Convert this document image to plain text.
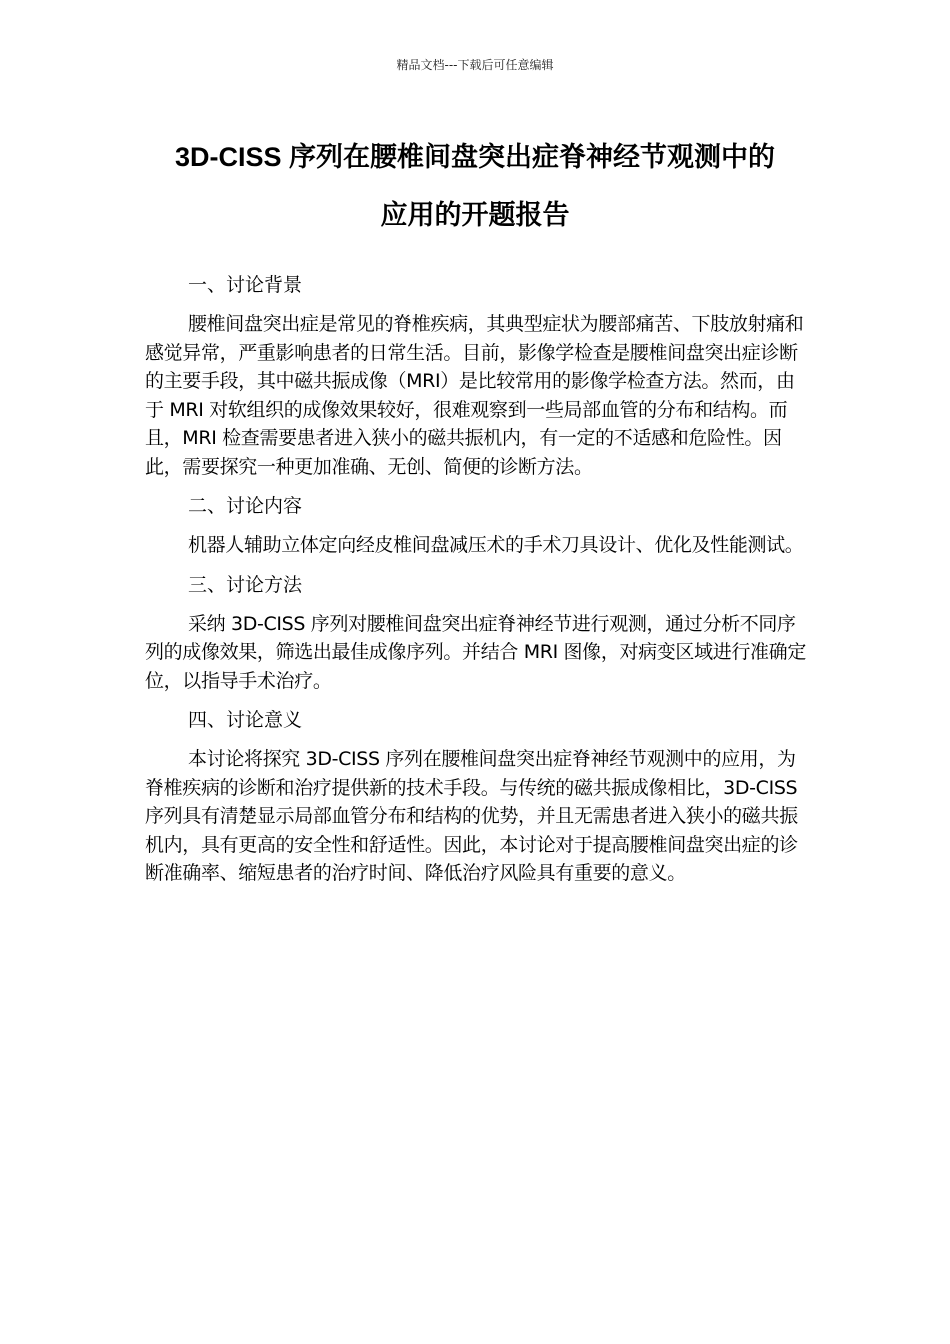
精品文档---下载后可任意编辑
3D-CISS 序列在腰椎间盘突出症脊神经节观测中的
应用的开题报告

一、讨论背景

腰椎间盘突出症是常见的脊椎疾病，其典型症状为腰部痛苦、下肢放射痛和感觉异常，严重影响患者的日常生活。目前，影像学检查是腰椎间盘突出症诊断的主要手段，其中磁共振成像（MRI）是比较常用的影像学检查方法。然而，由于 MRI 对软组织的成像效果较好，很难观察到一些局部血管的分布和结构。而且，MRI 检查需要患者进入狭小的磁共振机内，有一定的不适感和危险性。因此，需要探究一种更加准确、无创、简便的诊断方法。

二、讨论内容

机器人辅助立体定向经皮椎间盘减压术的手术刀具设计、优化及性能测试。

三、讨论方法

采纳 3D-CISS 序列对腰椎间盘突出症脊神经节进行观测，通过分析不同序列的成像效果，筛选出最佳成像序列。并结合 MRI 图像，对病变区域进行准确定位，以指导手术治疗。

四、讨论意义

本讨论将探究 3D-CISS 序列在腰椎间盘突出症脊神经节观测中的应用，为脊椎疾病的诊断和治疗提供新的技术手段。与传统的磁共振成像相比，3D-CISS 序列具有清楚显示局部血管分布和结构的优势，并且无需患者进入狭小的磁共振机内，具有更高的安全性和舒适性。因此，本讨论对于提高腰椎间盘突出症的诊断准确率、缩短患者的治疗时间、降低治疗风险具有重要的意义。
